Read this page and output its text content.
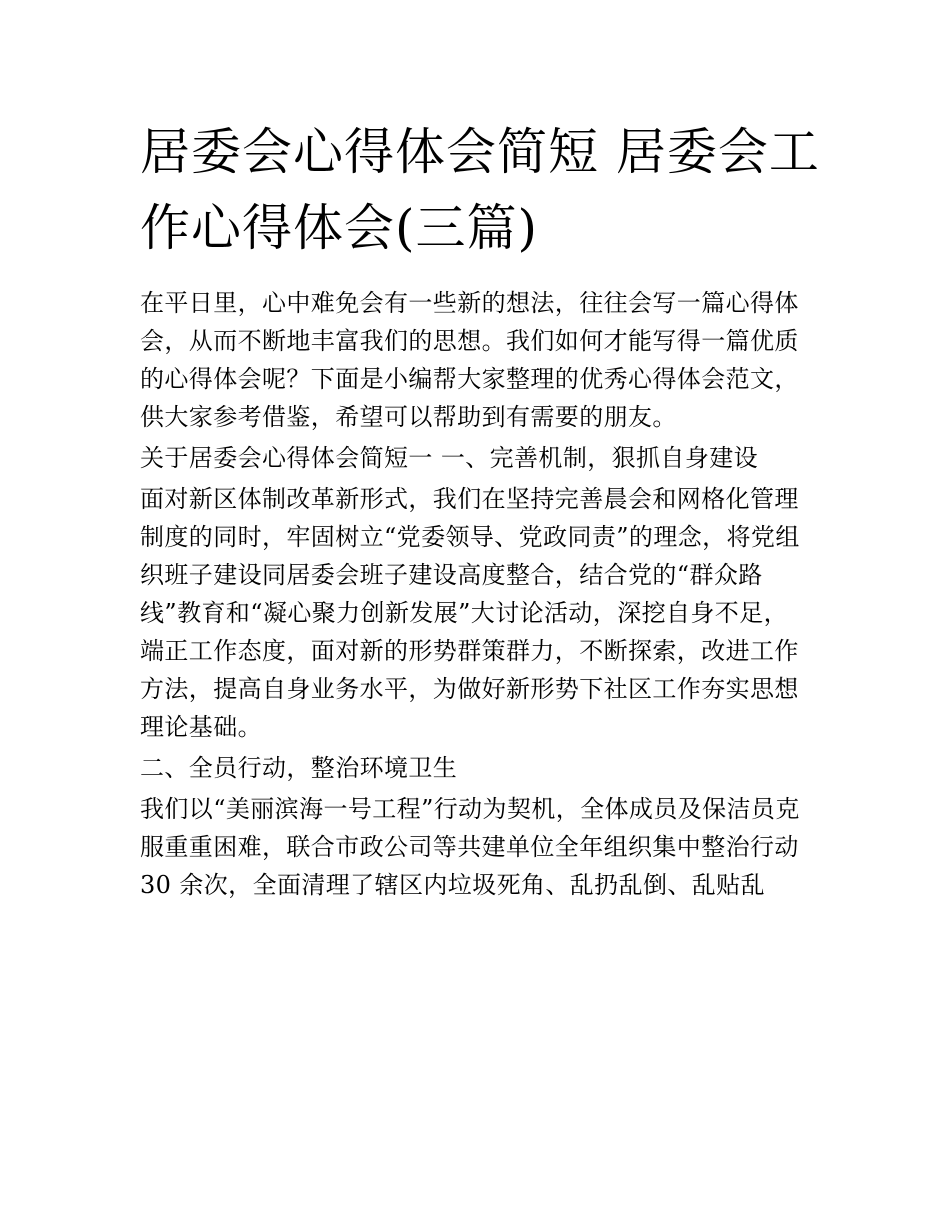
居委会心得体会简短 居委会工
作心得体会(三篇)
在平日里，心中难免会有一些新的想法，往往会写一篇心得体
会，从而不断地丰富我们的思想。我们如何才能写得一篇优质
的心得体会呢？下面是小编帮大家整理的优秀心得体会范文，
供大家参考借鉴，希望可以帮助到有需要的朋友。
关于居委会心得体会简短一 一、完善机制，狠抓自身建设
面对新区体制改革新形式，我们在坚持完善晨会和网格化管理
制度的同时，牢固树立“党委领导、党政同责”的理念，将党组
织班子建设同居委会班子建设高度整合，结合党的“群众路
线”教育和“凝心聚力创新发展”大讨论活动，深挖自身不足，
端正工作态度，面对新的形势群策群力，不断探索，改进工作
方法，提高自身业务水平，为做好新形势下社区工作夯实思想
理论基础。
二、全员行动，整治环境卫生
我们以“美丽滨海一号工程”行动为契机，全体成员及保洁员克
服重重困难，联合市政公司等共建单位全年组织集中整治行动
30 余次，全面清理了辖区内垃圾死角、乱扔乱倒、乱贴乱
